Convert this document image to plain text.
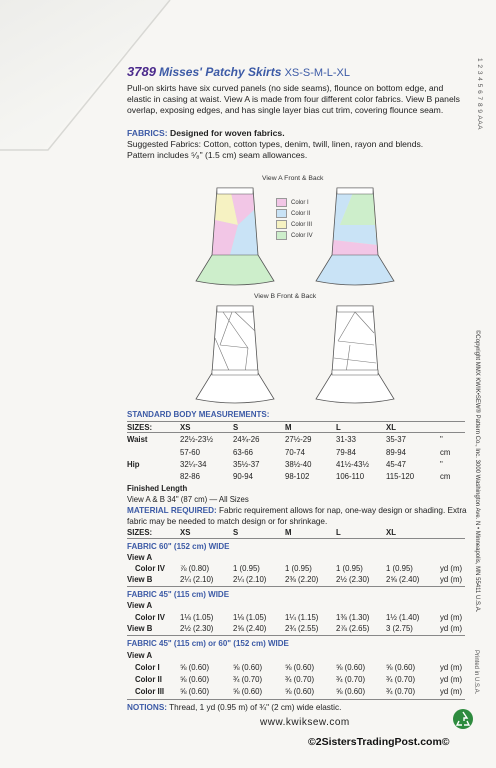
3789 Misses' Patchy Skirts XS-S-M-L-XL
Pull-on skirts have six curved panels (no side seams), flounce on bottom edge, and elastic in casing at waist. View A is made from four different color fabrics. View B panels overlap, exposing edges, and has single layer bias cut trim, covering flounce seam.
FABRICS: Designed for woven fabrics.
Suggested Fabrics: Cotton, cotton types, denim, twill, linen, rayon and blends.
Pattern includes ⁵⁄₈" (1.5 cm) seam allowances.
View A Front & Back
Color I
Color II
Color III
Color IV
View B Front & Back
STANDARD BODY MEASUREMENTS:
SIZES:	XS	S	M	L	XL
Waist	22½-23½	24¾-26	27½-29	31-33	35-37	"
57-60	63-66	70-74	79-84	89-94	cm
Hip	32¼-34	35½-37	38½-40	41½-43½ 45-47	"
82-86	90-94	98-102	106-110	115-120	cm
Finished Length
View A & B 34" (87 cm) — All Sizes
MATERIAL REQUIRED: Fabric requirement allows for nap, one-way design or shading. Extra fabric may be needed to match design or for shrinkage.
SIZES:	XS	S	M	L	XL
FABRIC 60" (152 cm) WIDE
View A
Color IV ⅞ (0.80)	1 (0.95)	1 (0.95)	1 (0.95)	1 (0.95)	yd (m)
View B	2¼ (2.10)	2¼ (2.10) 2⅜ (2.20) 2½ (2.30) 2⅝ (2.40)	yd (m)
FABRIC 45" (115 cm) WIDE
View A
Color IV 1⅛ (1.05)	1⅛ (1.05) 1¼ (1.15) 1⅜ (1.30) 1½ (1.40)	yd (m)
View B	2½ (2.30)	2⅝ (2.40) 2¾ (2.55) 2⅞ (2.65) 3 (2.75)	yd (m)
FABRIC 45" (115 cm) or 60" (152 cm) WIDE
View A
Color I	⅝ (0.60)	⅝ (0.60)	⅝ (0.60)	⅝ (0.60)	⅝ (0.60)	yd (m)
Color II ⅝ (0.60)	¾ (0.70)	¾ (0.70)	¾ (0.70)	¾ (0.70)	yd (m)
Color III ⅝ (0.60)	⅝ (0.60)	⅝ (0.60)	⅝ (0.60)	¾ (0.70)	yd (m)
NOTIONS: Thread, 1 yd (0.95 m) of ¾" (2 cm) wide elastic.
1 2 3 4 5 6 7 8 9 AAA
©Copyright MMX KWIK•SEW® Pattern Co., Inc. 3000 Washington Ave. N • Minneapolis, MN 55411 U.S.A.
Printed in U.S.A.
www.kwiksew.com
©2SistersTradingPost.com©
